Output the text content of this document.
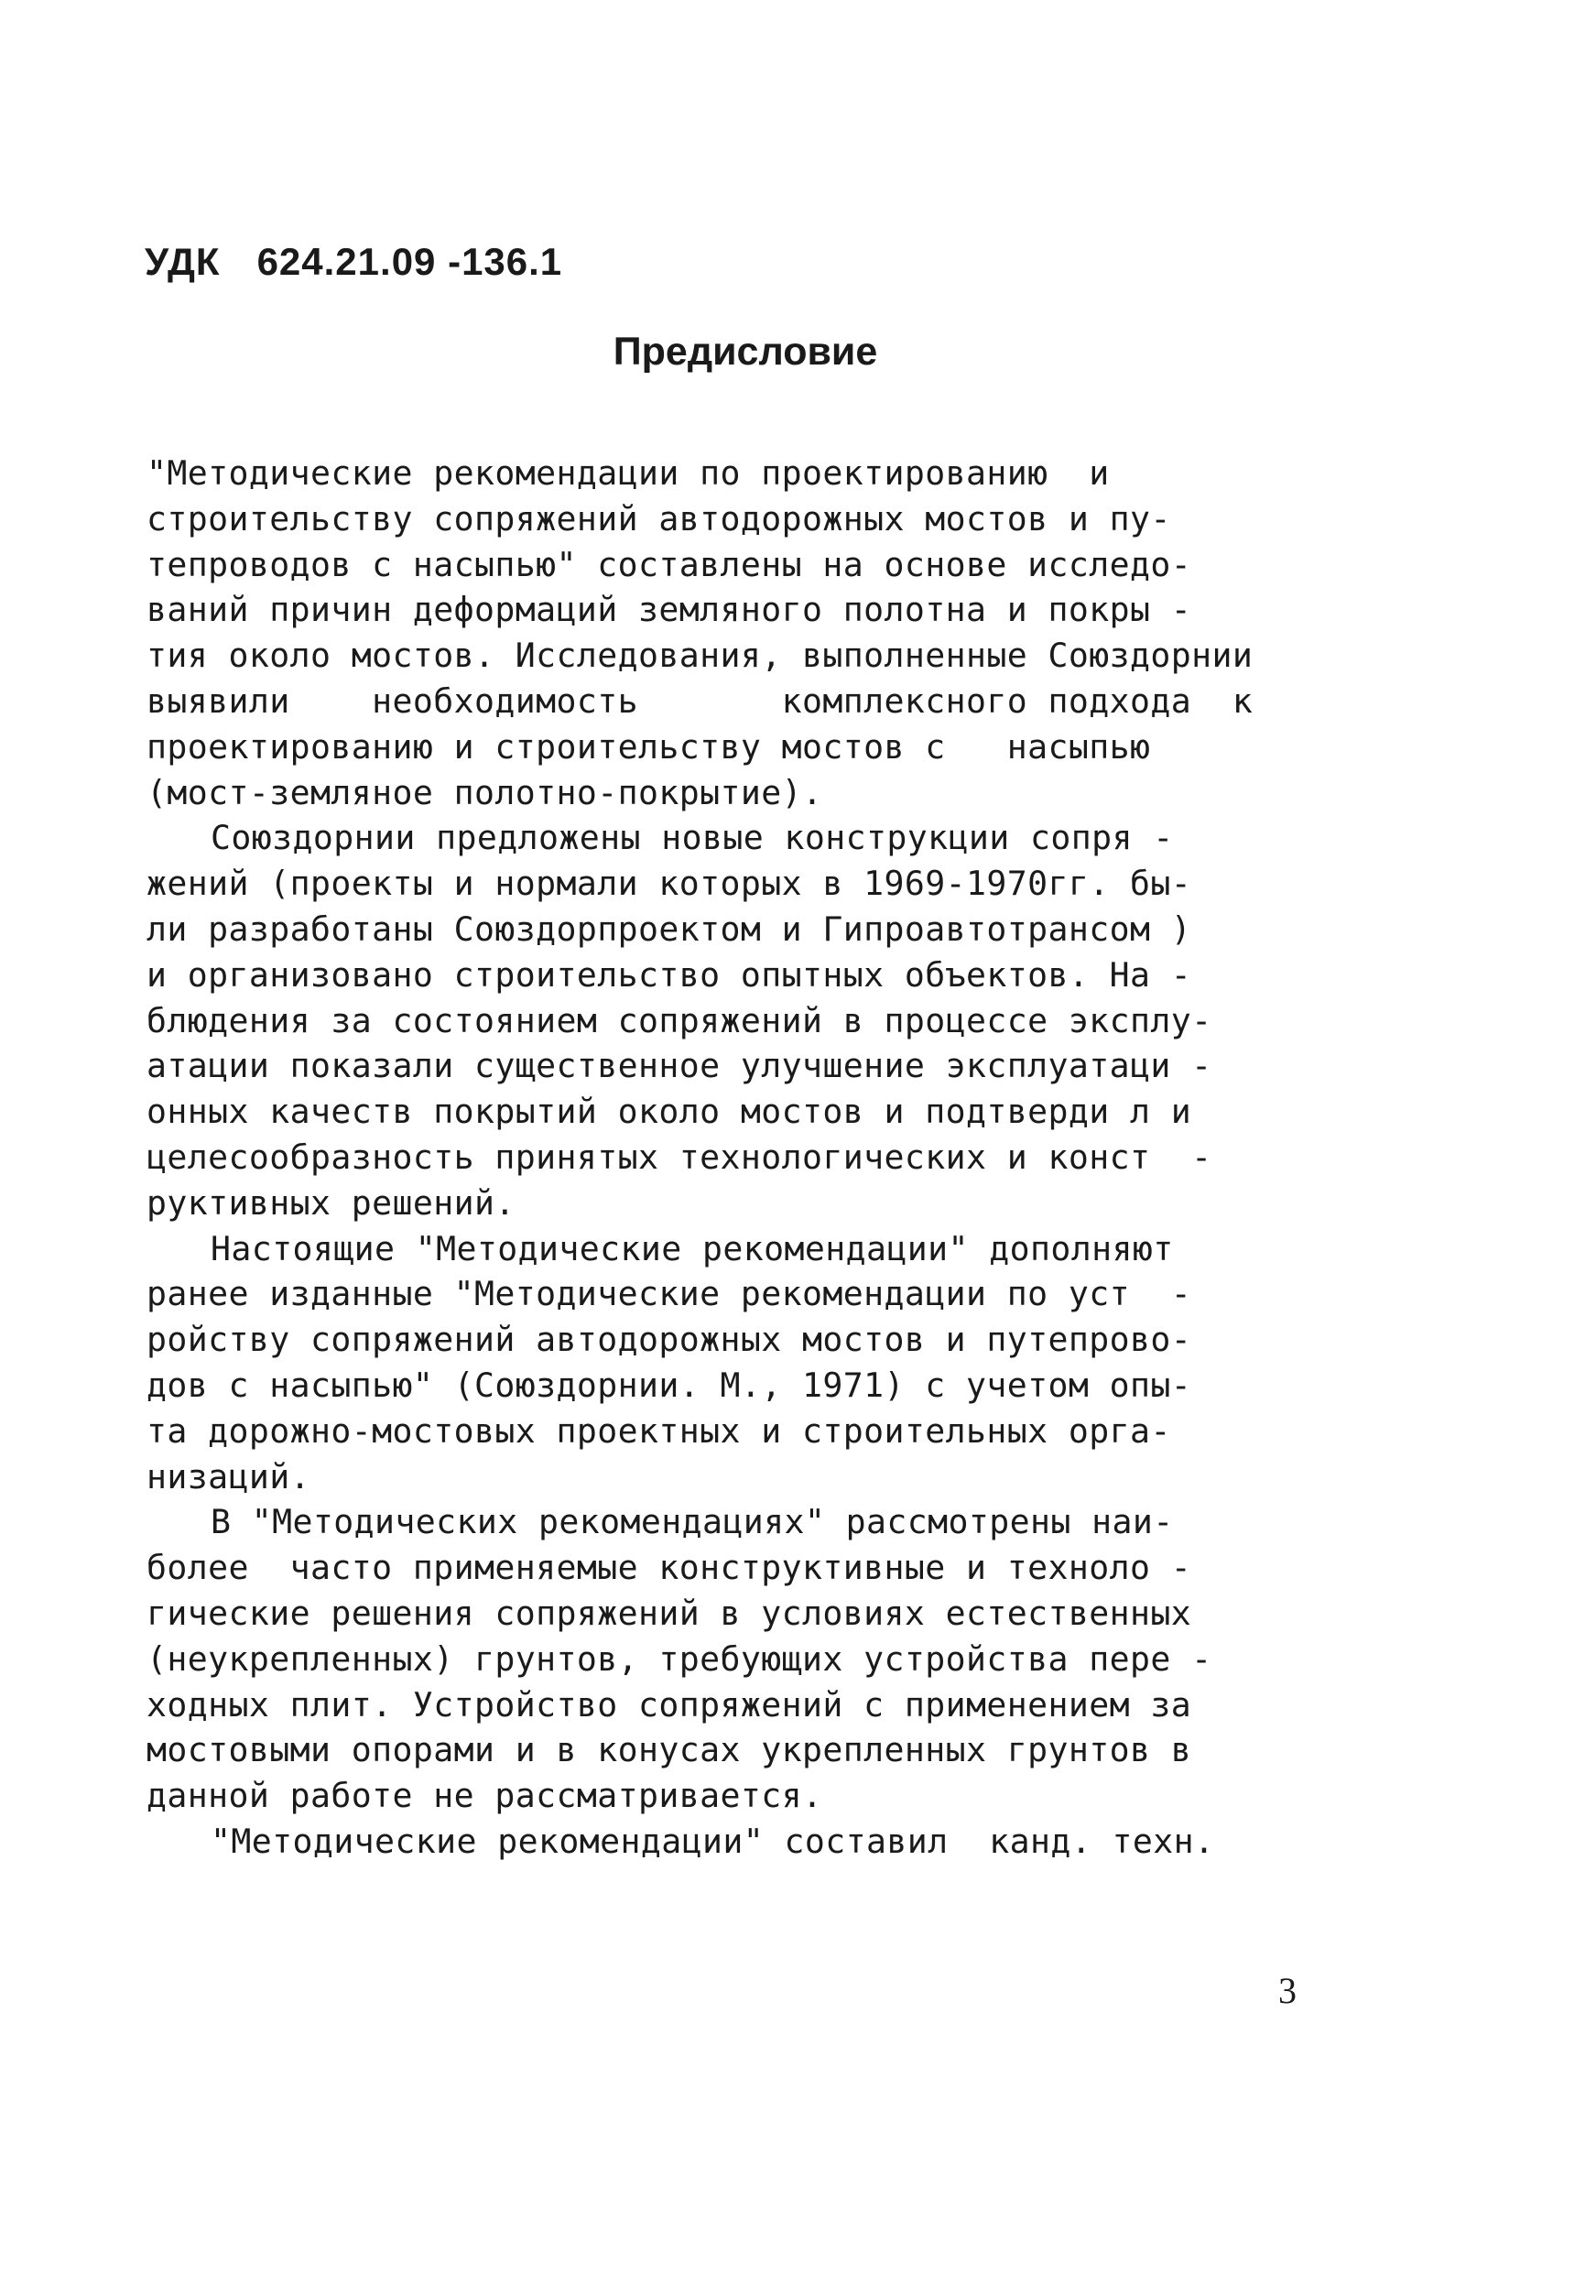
УДК 624.21.09 -136.1
Предисловие
"Методические рекомендации по проектированию  и
строительству сопряжений автодорожных мостов и пу-
тепроводов с насыпью" составлены на основе исследо-
ваний причин деформаций земляного полотна и покры -
тия около мостов. Исследования, выполненные Союздорнии
выявили    необходимость       комплексного подхода  к
проектированию и строительству мостов с   насыпью
(мост-земляное полотно-покрытие).
Союздорнии предложены новые конструкции сопря -
жений (проекты и нормали которых в 1969-1970гг. бы-
ли разработаны Союздорпроектом и Гипроавтотрансом )
и организовано строительство опытных объектов. На -
блюдения за состоянием сопряжений в процессе эксплу-
атации показали существенное улучшение эксплуатаци -
онных качеств покрытий около мостов и подтверди л и
целесообразность принятых технологических и конст  -
руктивных решений.
Настоящие "Методические рекомендации" дополняют
ранее изданные "Методические рекомендации по уст  -
ройству сопряжений автодорожных мостов и путепрово-
дов с насыпью" (Союздорнии. М., 1971) с учетом опы-
та дорожно-мостовых проектных и строительных орга-
низаций.
В "Методических рекомендациях" рассмотрены наи-
более  часто применяемые конструктивные и техноло -
гические решения сопряжений в условиях естественных
(неукрепленных) грунтов, требующих устройства пере -
ходных плит. Устройство сопряжений с применением за
мостовыми опорами и в конусах укрепленных грунтов в
данной работе не рассматривается.
"Методические рекомендации" составил  канд. техн.
3
